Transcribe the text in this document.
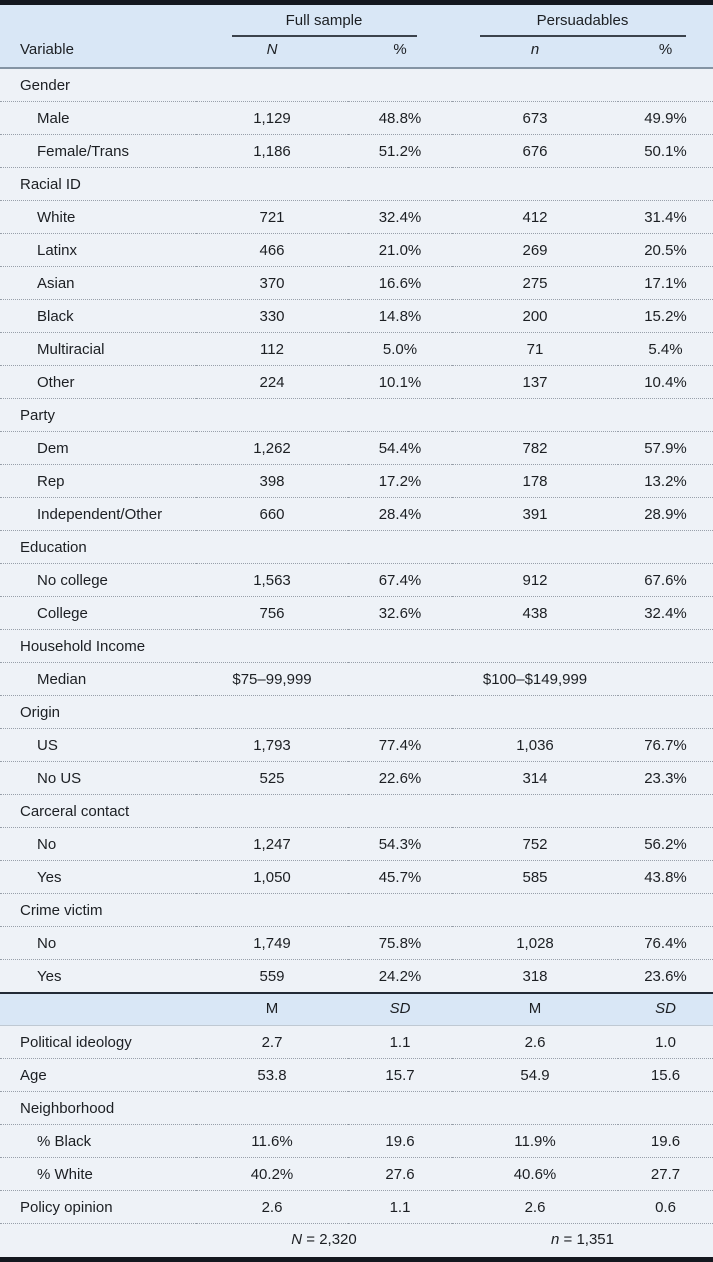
	Full sample		Persuadables	

Variable	N	%	n	%
Gender				
Male	1,129	48.8%	673	49.9%
Female/Trans	1,186	51.2%	676	50.1%
Racial ID				
White	721	32.4%	412	31.4%
Latinx	466	21.0%	269	20.5%
Asian	370	16.6%	275	17.1%
Black	330	14.8%	200	15.2%
Multiracial	112	5.0%	71	5.4%
Other	224	10.1%	137	10.4%
Party				
Dem	1,262	54.4%	782	57.9%
Rep	398	17.2%	178	13.2%
Independent/Other	660	28.4%	391	28.9%
Education				
No college	1,563	67.4%	912	67.6%
College	756	32.6%	438	32.4%
Household Income				
Median	$75–99,999		$100–$149,999	
Origin				
US	1,793	77.4%	1,036	76.7%
No US	525	22.6%	314	23.3%
Carceral contact				
No	1,247	54.3%	752	56.2%
Yes	1,050	45.7%	585	43.8%
Crime victim				
No	1,749	75.8%	1,028	76.4%
Yes	559	24.2%	318	23.6%
	M	SD	M	SD
Political ideology	2.7	1.1	2.6	1.0
Age	53.8	15.7	54.9	15.6
Neighborhood				
% Black	11.6%	19.6	11.9%	19.6
% White	40.2%	27.6	40.6%	27.7
Policy opinion	2.6	1.1	2.6	0.6
	N = 2,320		n = 1,351	
